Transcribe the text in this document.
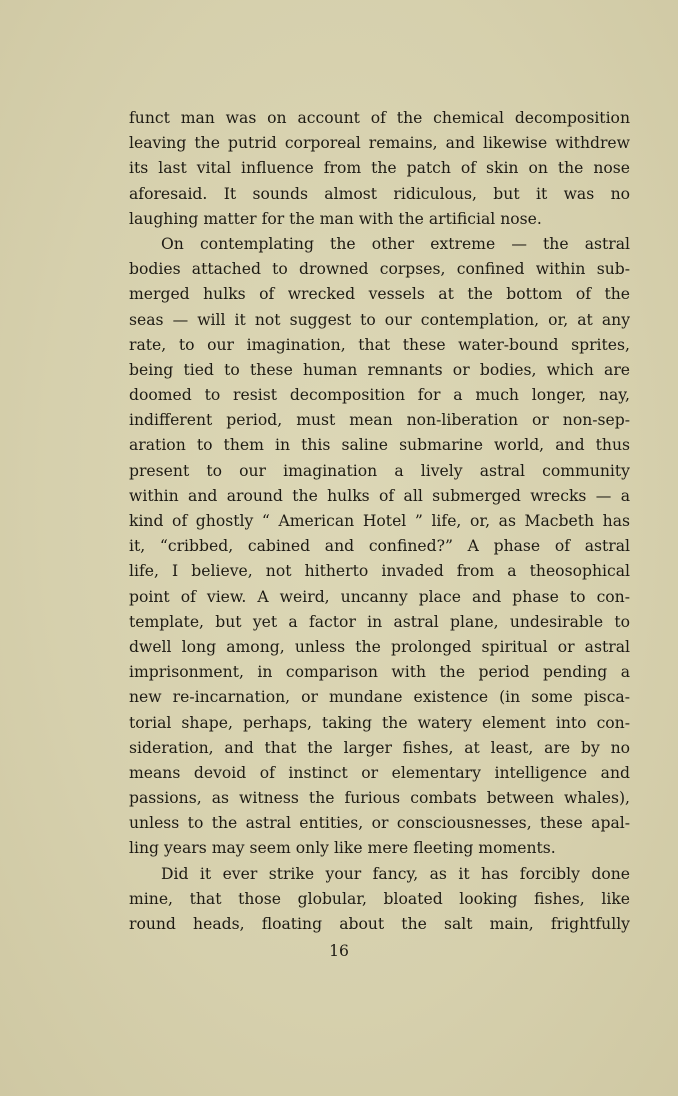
funct man was on account of the chemical decomposition
leaving the putrid corporeal remains, and likewise withdrew
its last vital influence from the patch of skin on the nose
aforesaid. It sounds almost ridiculous, but it was no
laughing matter for the man with the artificial nose.
On contemplating the other extreme — the astral
bodies attached to drowned corpses, confined within sub-
merged hulks of wrecked vessels at the bottom of the
seas — will it not suggest to our contemplation, or, at any
rate, to our imagination, that these water-bound sprites,
being tied to these human remnants or bodies, which are
doomed to resist decomposition for a much longer, nay,
indifferent period, must mean non-liberation or non-sep-
aration to them in this saline submarine world, and thus
present to our imagination a lively astral community
within and around the hulks of all submerged wrecks — a
kind of ghostly “ American Hotel ” life, or, as Macbeth has
it, “cribbed, cabined and confined?” A phase of astral
life, I believe, not hitherto invaded from a theosophical
point of view. A weird, uncanny place and phase to con-
template, but yet a factor in astral plane, undesirable to
dwell long among, unless the prolonged spiritual or astral
imprisonment, in comparison with the period pending a
new re-incarnation, or mundane existence (in some pisca-
torial shape, perhaps, taking the watery element into con-
sideration, and that the larger fishes, at least, are by no
means devoid of instinct or elementary intelligence and
passions, as witness the furious combats between whales),
unless to the astral entities, or consciousnesses, these apal-
ling years may seem only like mere fleeting moments.
Did it ever strike your fancy, as it has forcibly done
mine, that those globular, bloated looking fishes, like
round heads, floating about the salt main, frightfully
16
